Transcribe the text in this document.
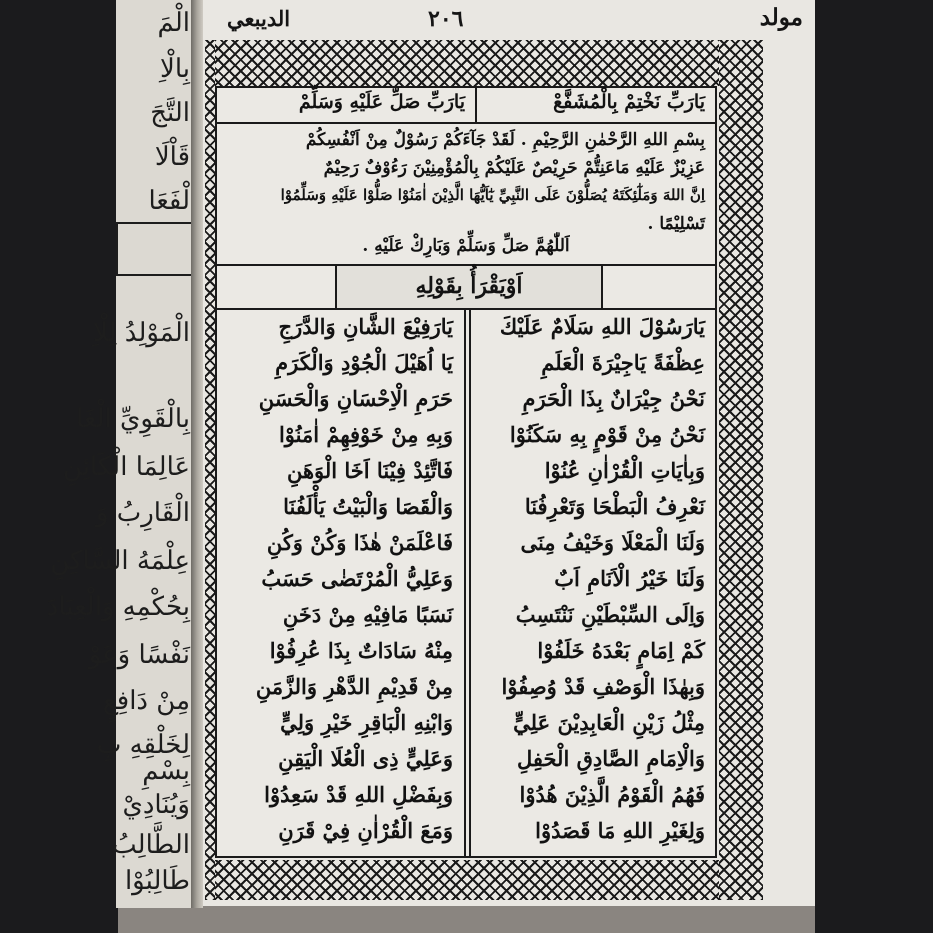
الْمَ
بِالْاِ
التَّجَ
قَاْلَا
لْفَعَا
الْمَوْلِدُ لِلْاِ
بِالْقَوِيِّ الْغَا
عَالِمَا الْكَائِنِ
الْقَارِبُ وَ
عِلْمَهُ السَّاكِنِ
بِحُكْمِهِ وَالْعِبَادَ
نَفْسًا وَعَوْ
مِنْ دَافِعٍ
لِخَلْقِهِ بِ
بِسْمِ
وَيُنَادِيْ
الطَّالِبُ
طَالِبُوْا
الديبعي	٢٠٦	مولد
يَارَبِّ نَخْتِمْ بِالْمُشَفَّعْ
يَارَبِّ صَلِّ عَلَيْهِ وَسَلِّمْ
بِسْمِ اللهِ الرَّحْمٰنِ الرَّحِيْمِ . لَقَدْ جَآءَكُمْ رَسُوْلٌ مِنْ اَنْفُسِكُمْ
عَزِيْزٌ عَلَيْهِ مَاعَنِتُّمْ حَرِيْصٌ عَلَيْكُمْ بِالْمُؤْمِنِيْنَ رَءُوْفٌ رَحِيْمٌ
اِنَّ اللهَ وَمَلٰٓئِكَتَهُ يُصَلُّوْنَ عَلَى النَّبِيِّ يٰٓاَيُّهَا الَّذِيْنَ اٰمَنُوْا صَلُّوْا عَلَيْهِ وَسَلِّمُوْا
تَسْلِيْمًا .
اَللّٰهُمَّ صَلِّ وَسَلِّمْ وَبَارِكْ عَلَيْهِ .
اَوْيَقْرَأُ بِقَوْلِهِ
يَارَسُوْلَ اللهِ سَلَامٌ عَلَيْكَ
عِظْفَةً يَاجِيْرَةَ الْعَلَمِ
نَحْنُ جِيْرَانٌ بِذَا الْحَرَمِ
نَحْنُ مِنْ قَوْمٍ بِهِ سَكَنُوْا
وَبِاٰيَاتِ الْقُرْاٰنِ عُنُوْا
نَعْرِفُ الْبَطْحَا وَتَعْرِفُنَا
وَلَنَا الْمَعْلَا وَخَيْفُ مِنَى
وَلَنَا خَيْرُ الْاَنَامِ اَبٌ
وَاِلَى السِّبْطَيْنِ نَنْتَسِبُ
كَمْ اِمَامٍ بَعْدَهُ خَلَفُوْا
وَبِهٰذَا الْوَصْفِ قَدْ وُصِفُوْا
مِثْلُ زَيْنِ الْعَابِدِيْنَ عَلِيٍّ
وَالْاِمَامِ الصَّادِقِ الْحَفِلِ
فَهُمُ الْقَوْمُ الَّذِيْنَ هُدُوْا
وَلِغَيْرِ اللهِ مَا قَصَدُوْا
يَارَفِيْعَ الشَّانِ وَالدَّرَجِ
يَا اُهَيْلَ الْجُوْدِ وَالْكَرَمِ
حَرَمِ الْاِحْسَانِ وَالْحَسَنِ
وَبِهِ مِنْ خَوْفِهِمْ اٰمَنُوْا
فَاتَّئِدْ فِيْنَا اَخَا الْوَهَنِ
وَالْقَصَا وَالْبَيْتُ يَأْلَفُنَا
فَاعْلَمَنْ هٰذَا وَكُنْ وَكُنِ
وَعَلِيُّ الْمُرْتَضٰى حَسَبُ
نَسَبًا مَافِيْهِ مِنْ دَخَنِ
مِنْهُ سَادَاتٌ بِذَا عُرِفُوْا
مِنْ قَدِيْمِ الدَّهْرِ وَالزَّمَنِ
وَابْنِهِ الْبَاقِرِ خَيْرِ وَلِيٍّ
وَعَلِيٍّ ذِى الْعُلَا الْيَقِنِ
وَبِفَضْلِ اللهِ قَدْ سَعِدُوْا
وَمَعَ الْقُرْاٰنِ فِيْ قَرَنِ
